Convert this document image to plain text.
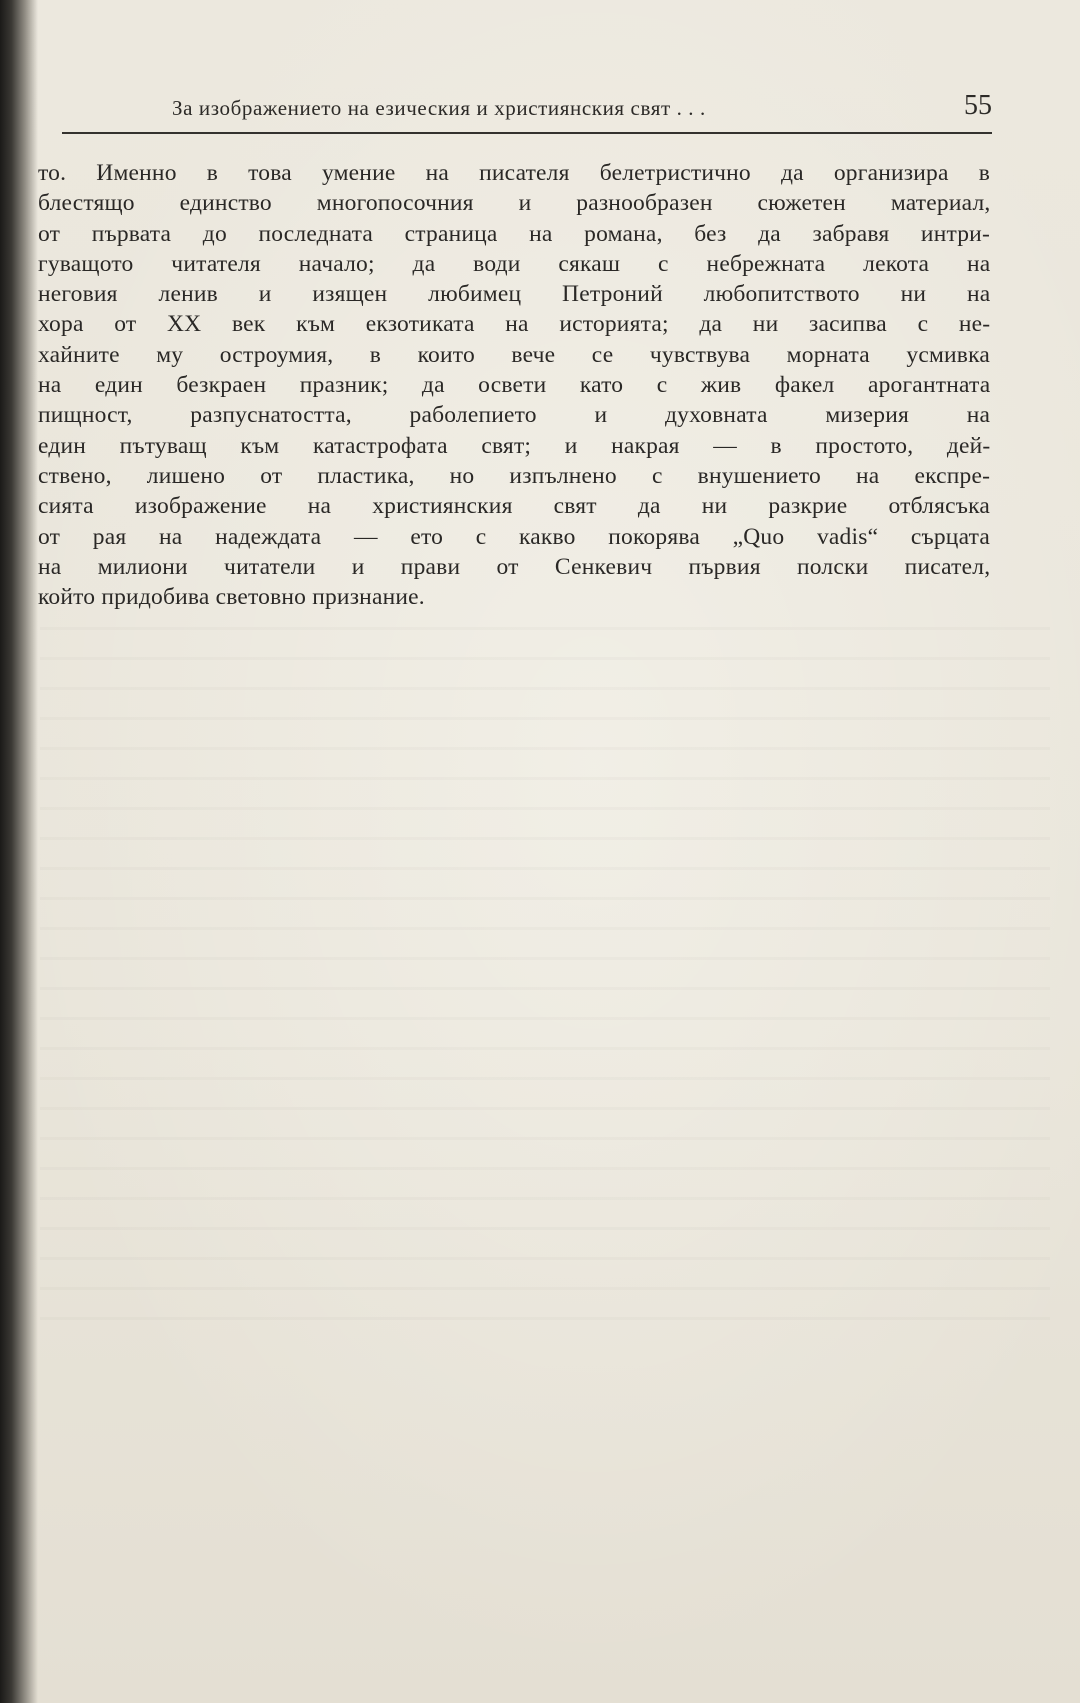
За изображението на езическия и християнския свят . . .	55
то. Именно в това умение на писателя белетристично да организира в
блестящо единство многопосочния и разнообразен сюжетен материал,
от първата до последната страница на романа, без да забравя интри-
гуващото читателя начало; да води сякаш с небрежната лекота на
неговия ленив и изящен любимец Петроний любопитството ни на
хора от XX век към екзотиката на историята; да ни засипва с не-
хайните му остроумия, в които вече се чувствува морната усмивка
на един безкраен празник; да освети като с жив факел арогантната
пищност, разпуснатостта, раболепието и духовната мизерия на
един пътуващ към катастрофата свят; и накрая — в простото, дей-
ствено, лишено от пластика, но изпълнено с внушението на експре-
сията изображение на християнския свят да ни разкрие отблясъка
от рая на надеждата — ето с какво покорява „Quo vadis“ сърцата
на милиони читатели и прави от Сенкевич първия полски писател,
който придобива световно признание.
